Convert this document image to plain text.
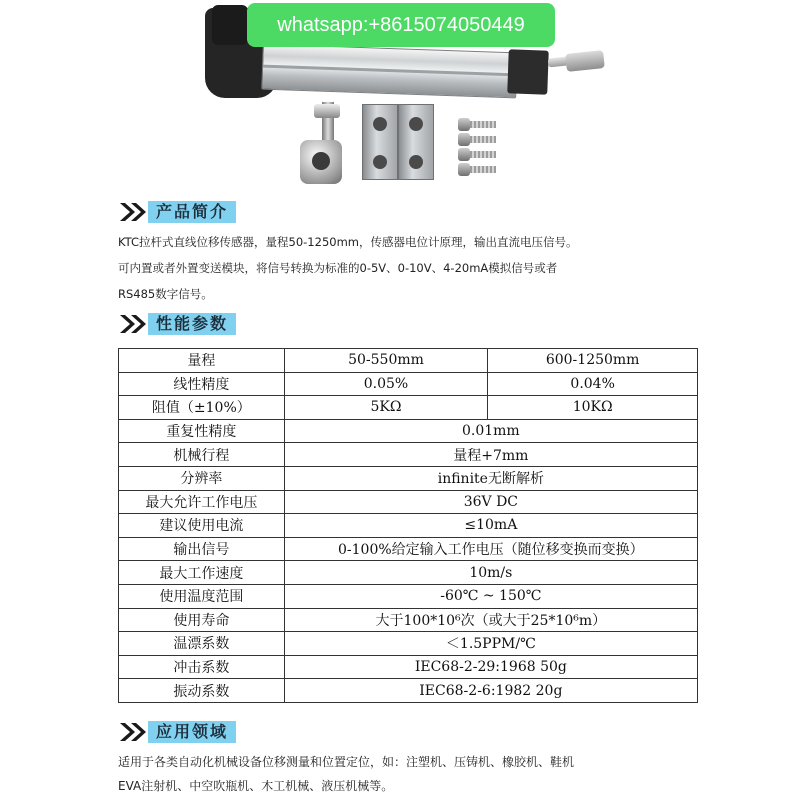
whatsapp:+8615074050449
产品简介
KTC拉杆式直线位移传感器，量程50-1250mm，传感器电位计原理，输出直流电压信号。
可内置或者外置变送模块，将信号转换为标准的0-5V、0-10V、4-20mA模拟信号或者
RS485数字信号。
性能参数
量程	50-550mm	600-1250mm
线性精度	0.05%	0.04%
阻值（±10%）	5KΩ	10KΩ
重复性精度	0.01mm	
机械行程	量程+7mm	
分辨率	infinite无断解析	
最大允许工作电压	36V DC	
建议使用电流	≤10mA	
输出信号	0-100%给定输入工作电压（随位移变换而变换）	
最大工作速度	10m/s	
使用温度范围	-60℃ ~ 150℃	
使用寿命	大于100*10⁶次（或大于25*10⁶m）	
温漂系数	＜1.5PPM/℃	
冲击系数	IEC68-2-29:1968 50g	
振动系数	IEC68-2-6:1982 20g	
应用领域
适用于各类自动化机械设备位移测量和位置定位，如：注塑机、压铸机、橡胶机、鞋机
EVA注射机、中空吹瓶机、木工机械、液压机械等。
